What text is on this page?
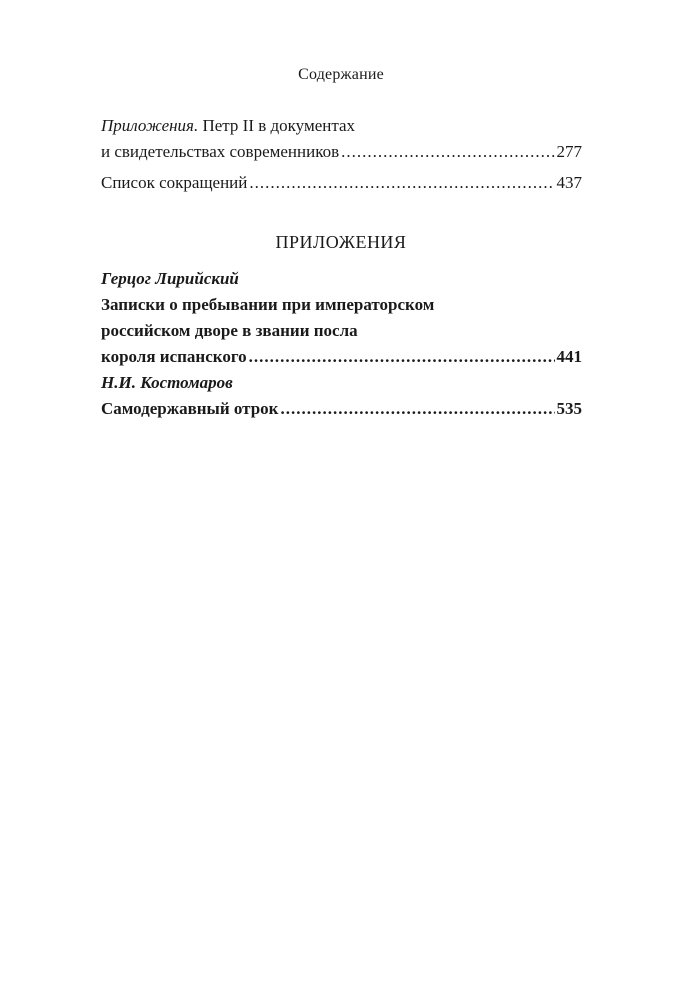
Содержание
Приложения. Петр II в документах
и свидетельствах современников .....	277
Список сокращений .....	437
ПРИЛОЖЕНИЯ
Герцог Лирийский
Записки о пребывании при императорском
российском дворе в звании посла
короля испанского .....	441
Н.И. Костомаров
Самодержавный отрок .....	535
